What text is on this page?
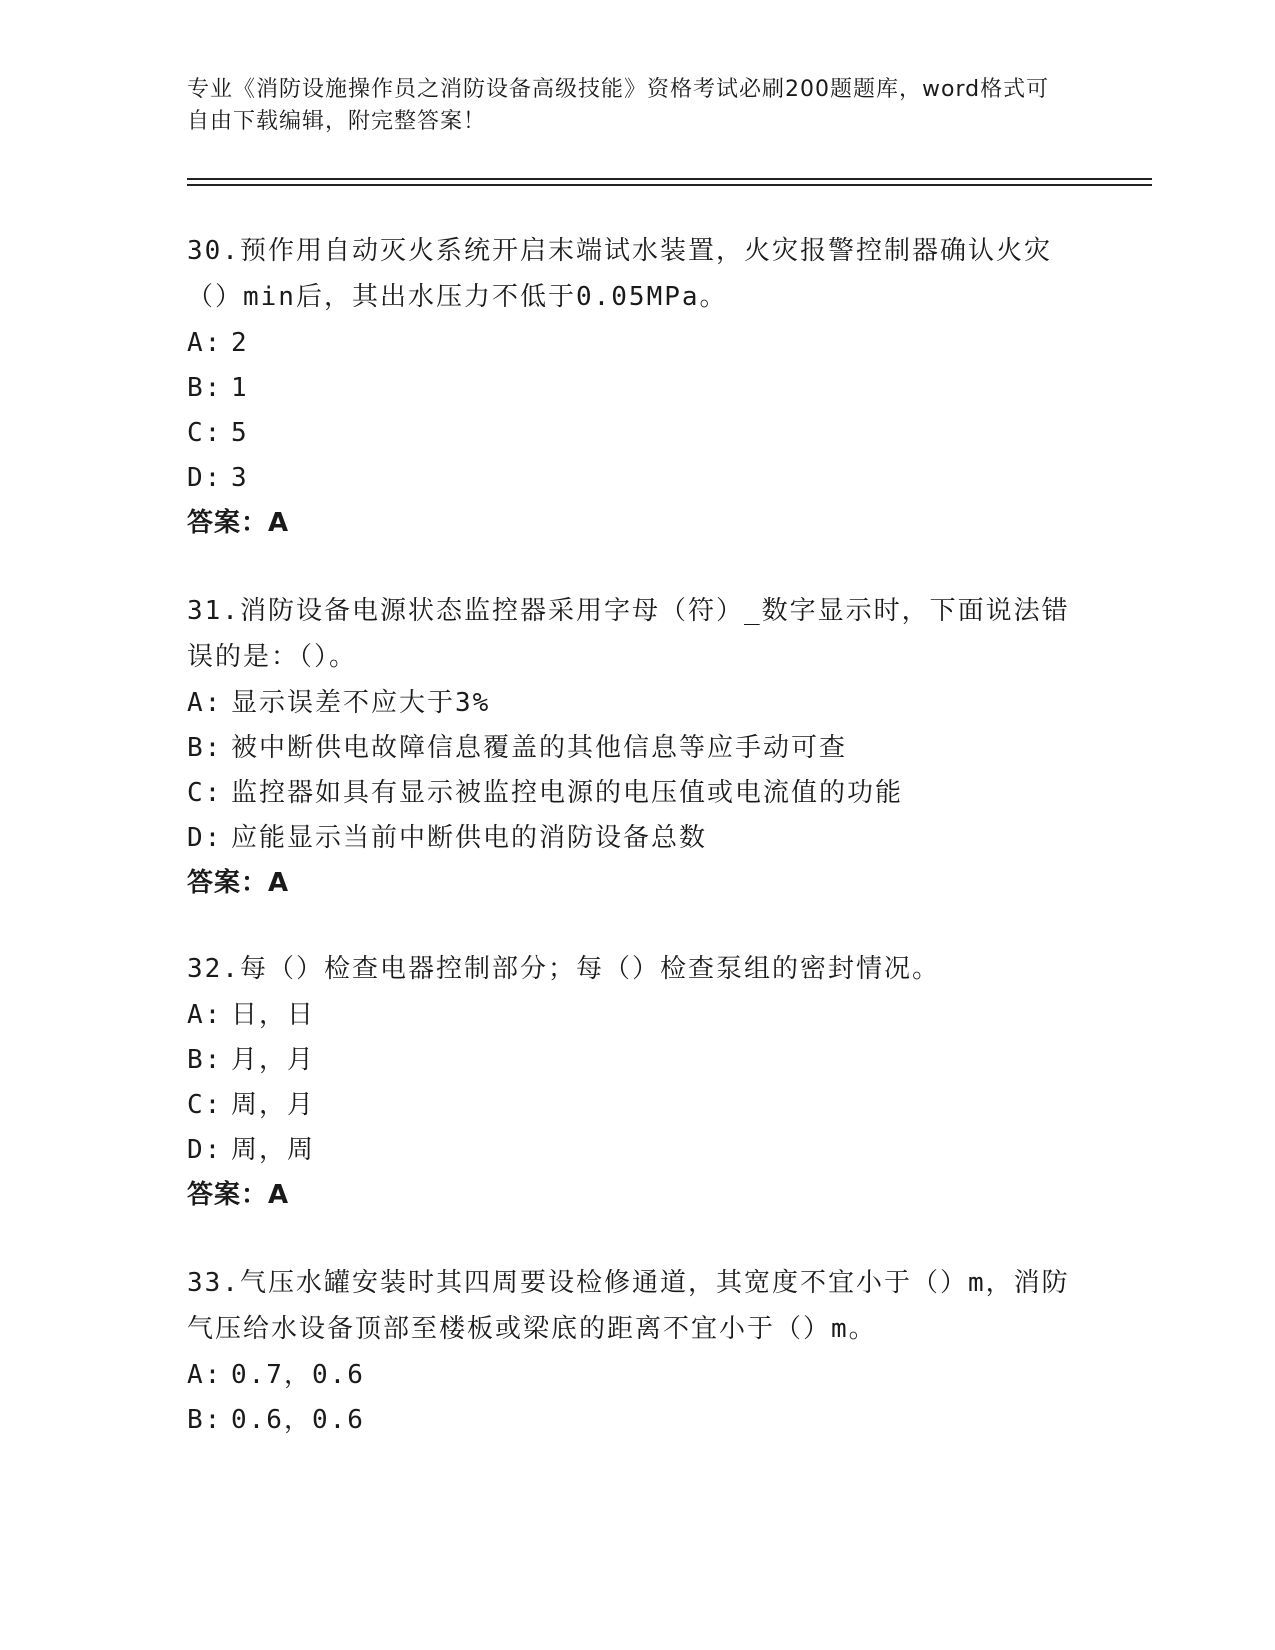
专业《消防设施操作员之消防设备高级技能》资格考试必刷200题题库，word格式可自由下载编辑，附完整答案！
30.预作用自动灭火系统开启末端试水装置，火灾报警控制器确认火灾（）min后，其出水压力不低于0.05MPa。
A: 2
B: 1
C: 5
D: 3
答案：A
31.消防设备电源状态监控器采用字母（符）_数字显示时，下面说法错误的是：（）。
A: 显示误差不应大于3%
B: 被中断供电故障信息覆盖的其他信息等应手动可查
C: 监控器如具有显示被监控电源的电压值或电流值的功能
D: 应能显示当前中断供电的消防设备总数
答案：A
32.每（）检查电器控制部分；每（）检查泵组的密封情况。
A: 日，日
B: 月，月
C: 周，月
D: 周，周
答案：A
33.气压水罐安装时其四周要设检修通道，其宽度不宜小于（）m，消防气压给水设备顶部至楼板或梁底的距离不宜小于（）m。
A: 0.7，0.6
B: 0.6，0.6
